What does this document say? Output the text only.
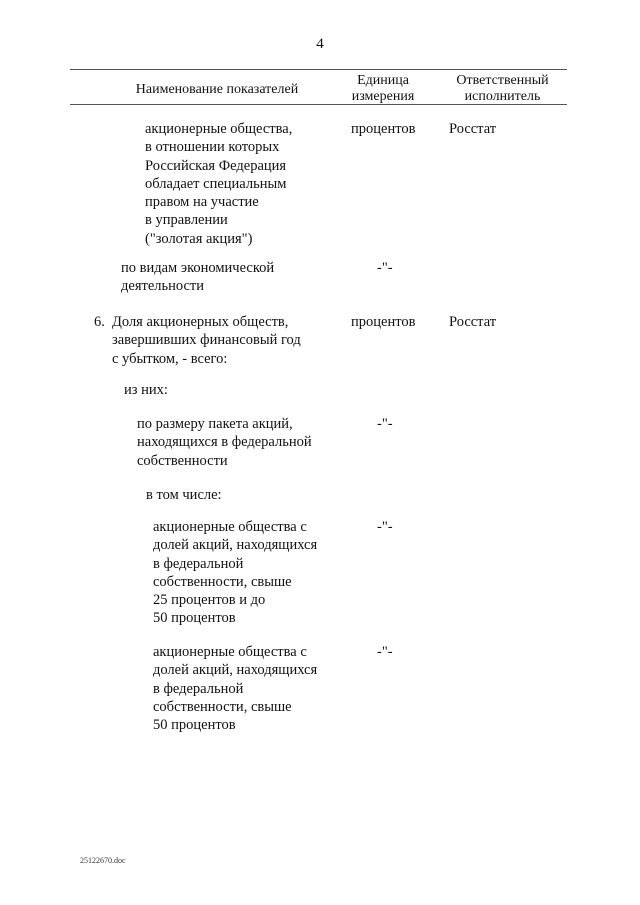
4
Наименование показателей
Единица
измерения
Ответственный
исполнитель
акционерные общества,
в отношении которых
Российская Федерация
обладает специальным
правом на участие
в управлении
("золотая акция")
процентов Росстат
по видам экономической
деятельности
-"-
6. Доля акционерных обществ,
завершивших финансовый год
с убытком, - всего:
процентов Росстат
из них:
по размеру пакета акций,
находящихся в федеральной
собственности
-"-
в том числе:
акционерные общества с
долей акций, находящихся
в федеральной
собственности, свыше
25 процентов и до
50 процентов
-"-
акционерные общества с
долей акций, находящихся
в федеральной
собственности, свыше
50 процентов
-"-
25122670.doc
